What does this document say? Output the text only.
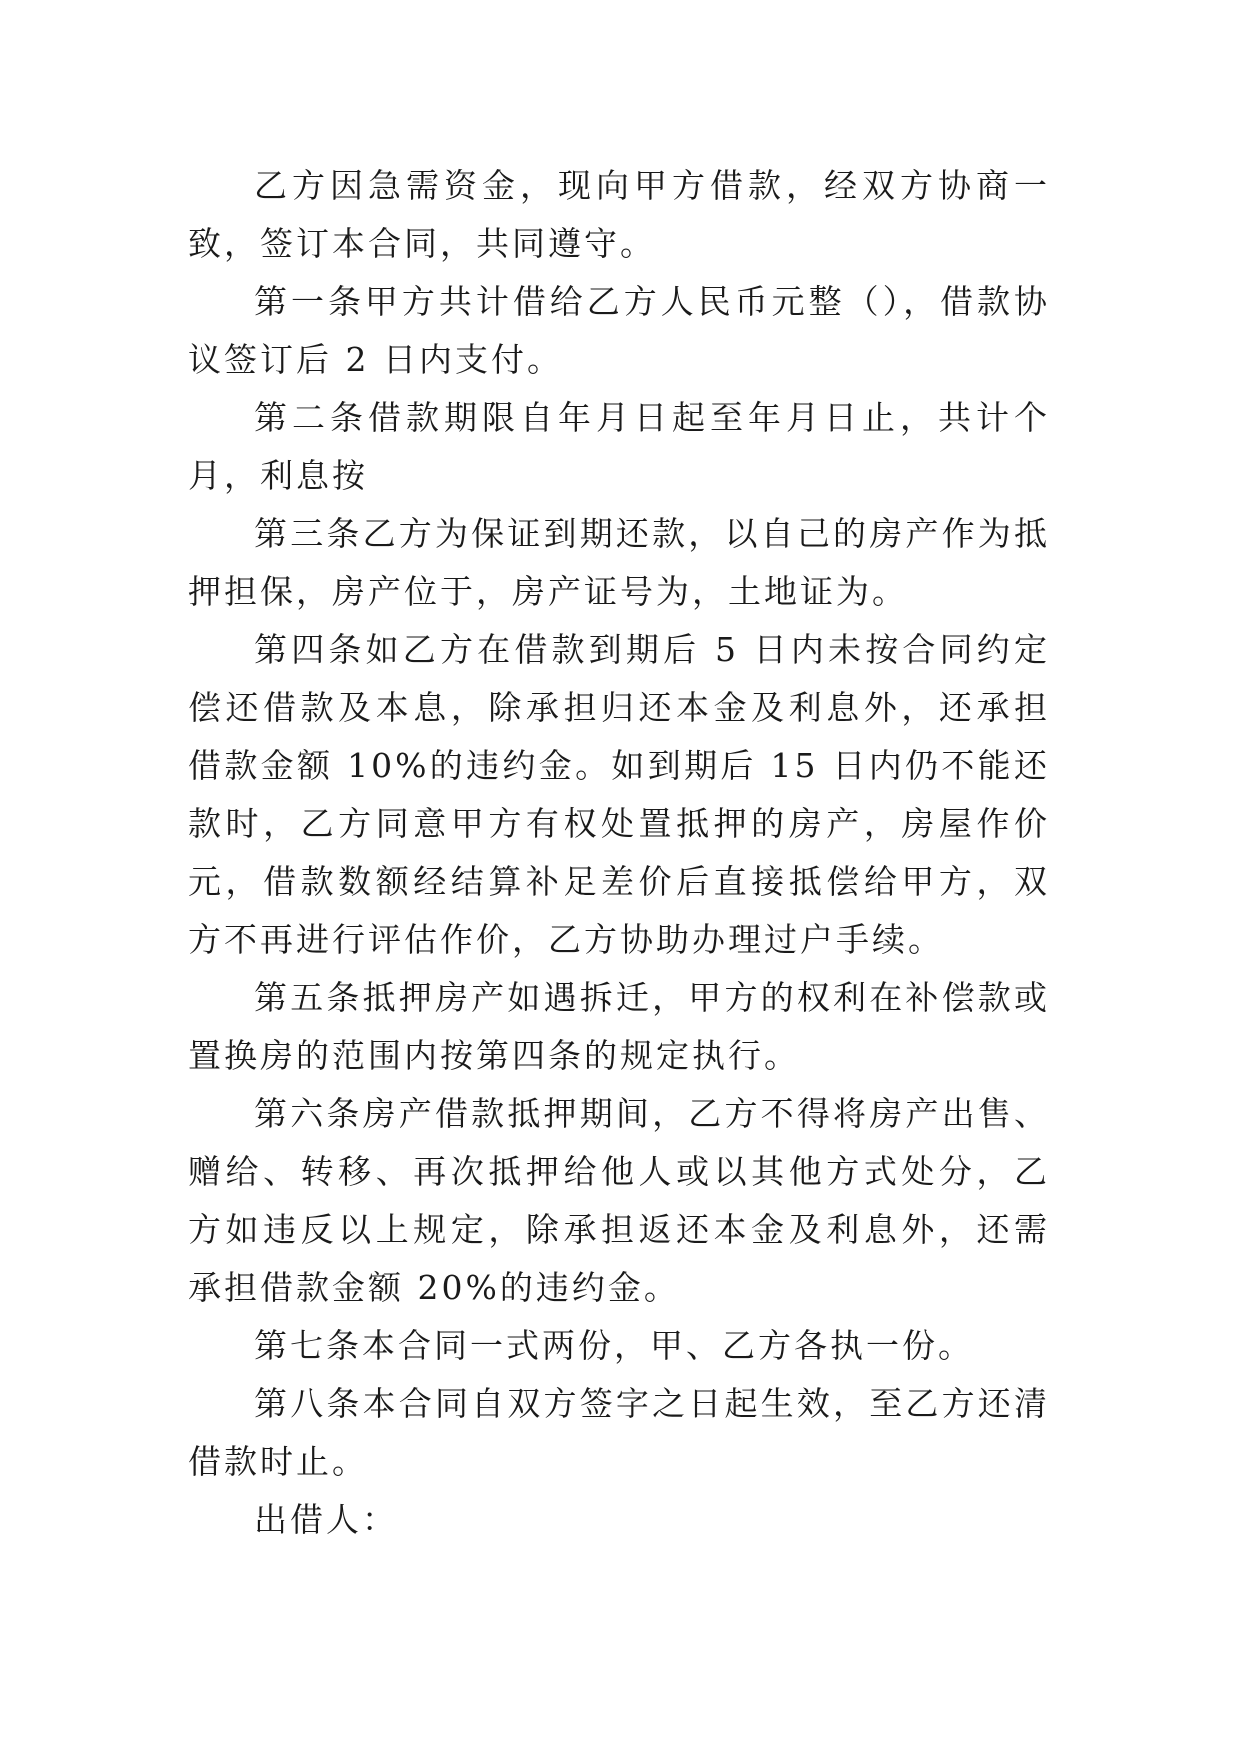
乙方因急需资金，现向甲方借款，经双方协商一致，签订本合同，共同遵守。

第一条甲方共计借给乙方人民币元整（），借款协议签订后 2 日内支付。

第二条借款期限自年月日起至年月日止，共计个月，利息按

第三条乙方为保证到期还款，以自己的房产作为抵押担保，房产位于，房产证号为，土地证为。

第四条如乙方在借款到期后 5 日内未按合同约定偿还借款及本息，除承担归还本金及利息外，还承担借款金额 10%的违约金。如到期后 15 日内仍不能还款时，乙方同意甲方有权处置抵押的房产，房屋作价元，借款数额经结算补足差价后直接抵偿给甲方，双方不再进行评估作价，乙方协助办理过户手续。

第五条抵押房产如遇拆迁，甲方的权利在补偿款或置换房的范围内按第四条的规定执行。

第六条房产借款抵押期间，乙方不得将房产出售、赠给、转移、再次抵押给他人或以其他方式处分，乙方如违反以上规定，除承担返还本金及利息外，还需承担借款金额 20%的违约金。

第七条本合同一式两份，甲、乙方各执一份。

第八条本合同自双方签字之日起生效，至乙方还清借款时止。

出借人：
